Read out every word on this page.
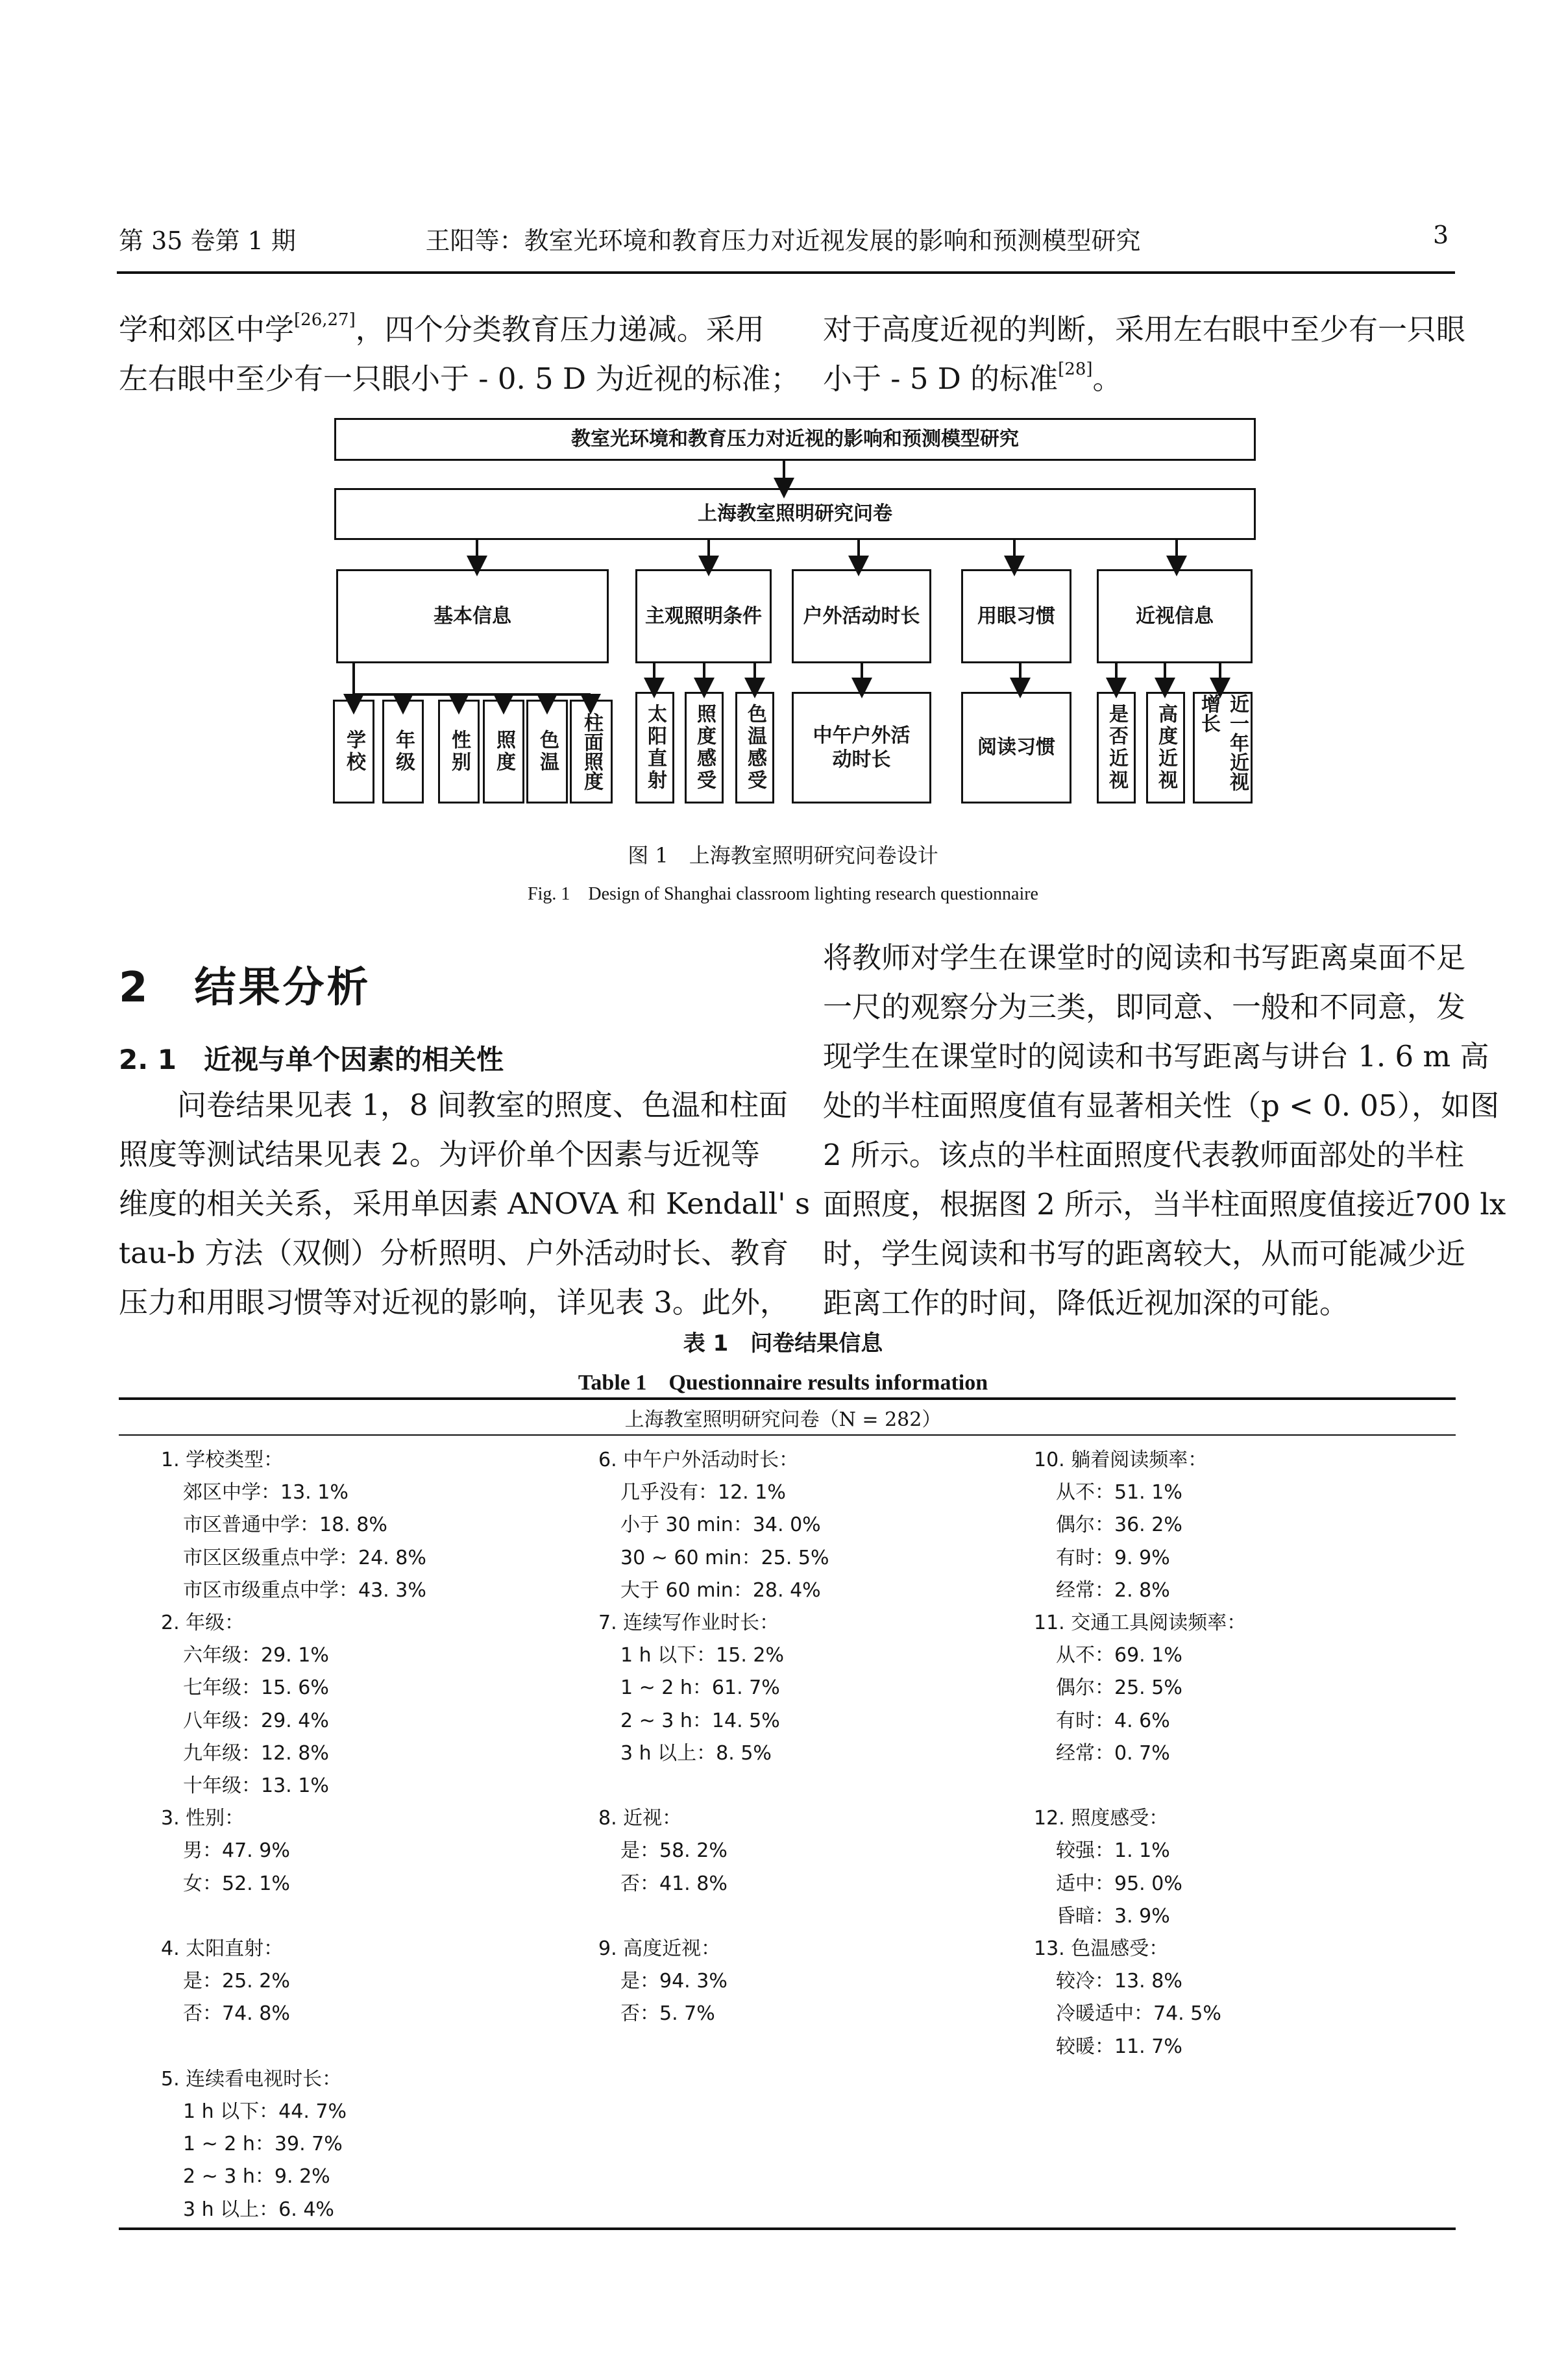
第 35 卷第 1 期	王阳等：教室光环境和教育压力对近视发展的影响和预测模型研究	3
学和郊区中学[26,27]，四个分类教育压力递减。采用
左右眼中至少有一只眼小于 - 0. 5 D 为近视的标准；
对于高度近视的判断，采用左右眼中至少有一只眼
小于 - 5 D 的标准[28]。
教室光环境和教育压力对近视的影响和预测模型研究
上海教室照明研究问卷
基本信息	主观照明条件	户外活动时长	用眼习惯	近视信息
学校	年级	性别	照度	色温	柱面照度	太阳直射	照度感受	色温感受	中午户外活动时长
阅读习惯	是否近视	高度近视	近一年近视增长
图 1　上海教室照明研究问卷设计
Fig. 1　Design of Shanghai classroom lighting research questionnaire
2　结果分析
2. 1　近视与单个因素的相关性
问卷结果见表 1，8 间教室的照度、色温和柱面
照度等测试结果见表 2。为评价单个因素与近视等
维度的相关关系，采用单因素 ANOVA 和 Kendall' s
tau-b 方法（双侧）分析照明、户外活动时长、教育
压力和用眼习惯等对近视的影响，详见表 3。此外，
将教师对学生在课堂时的阅读和书写距离桌面不足
一尺的观察分为三类，即同意、一般和不同意，发
现学生在课堂时的阅读和书写距离与讲台 1. 6 m 高
处的半柱面照度值有显著相关性（p < 0. 05），如图
2 所示。该点的半柱面照度代表教师面部处的半柱
面照度，根据图 2 所示，当半柱面照度值接近700 lx
时，学生阅读和书写的距离较大，从而可能减少近
距离工作的时间，降低近视加深的可能。
表 1　问卷结果信息
Table 1　Questionnaire results information
上海教室照明研究问卷（N = 282）
1. 学校类型：
郊区中学：13. 1%
市区普通中学：18. 8%
市区区级重点中学：24. 8%
市区市级重点中学：43. 3%
2. 年级：
六年级：29. 1%
七年级：15. 6%
八年级：29. 4%
九年级：12. 8%
十年级：13. 1%
3. 性别：
男：47. 9%
女：52. 1%
4. 太阳直射：
是：25. 2%
否：74. 8%
5. 连续看电视时长：
1 h 以下：44. 7%
1 ~ 2 h：39. 7%
2 ~ 3 h：9. 2%
3 h 以上：6. 4%
6. 中午户外活动时长：
几乎没有：12. 1%
小于 30 min：34. 0%
30 ~ 60 min：25. 5%
大于 60 min：28. 4%
7. 连续写作业时长：
1 h 以下：15. 2%
1 ~ 2 h：61. 7%
2 ~ 3 h：14. 5%
3 h 以上：8. 5%
8. 近视：
是：58. 2%
否：41. 8%
9. 高度近视：
是：94. 3%
否：5. 7%
10. 躺着阅读频率：
从不：51. 1%
偶尔：36. 2%
有时：9. 9%
经常：2. 8%
11. 交通工具阅读频率：
从不：69. 1%
偶尔：25. 5%
有时：4. 6%
经常：0. 7%
12. 照度感受：
较强：1. 1%
适中：95. 0%
昏暗：3. 9%
13. 色温感受：
较冷：13. 8%
冷暖适中：74. 5%
较暖：11. 7%
